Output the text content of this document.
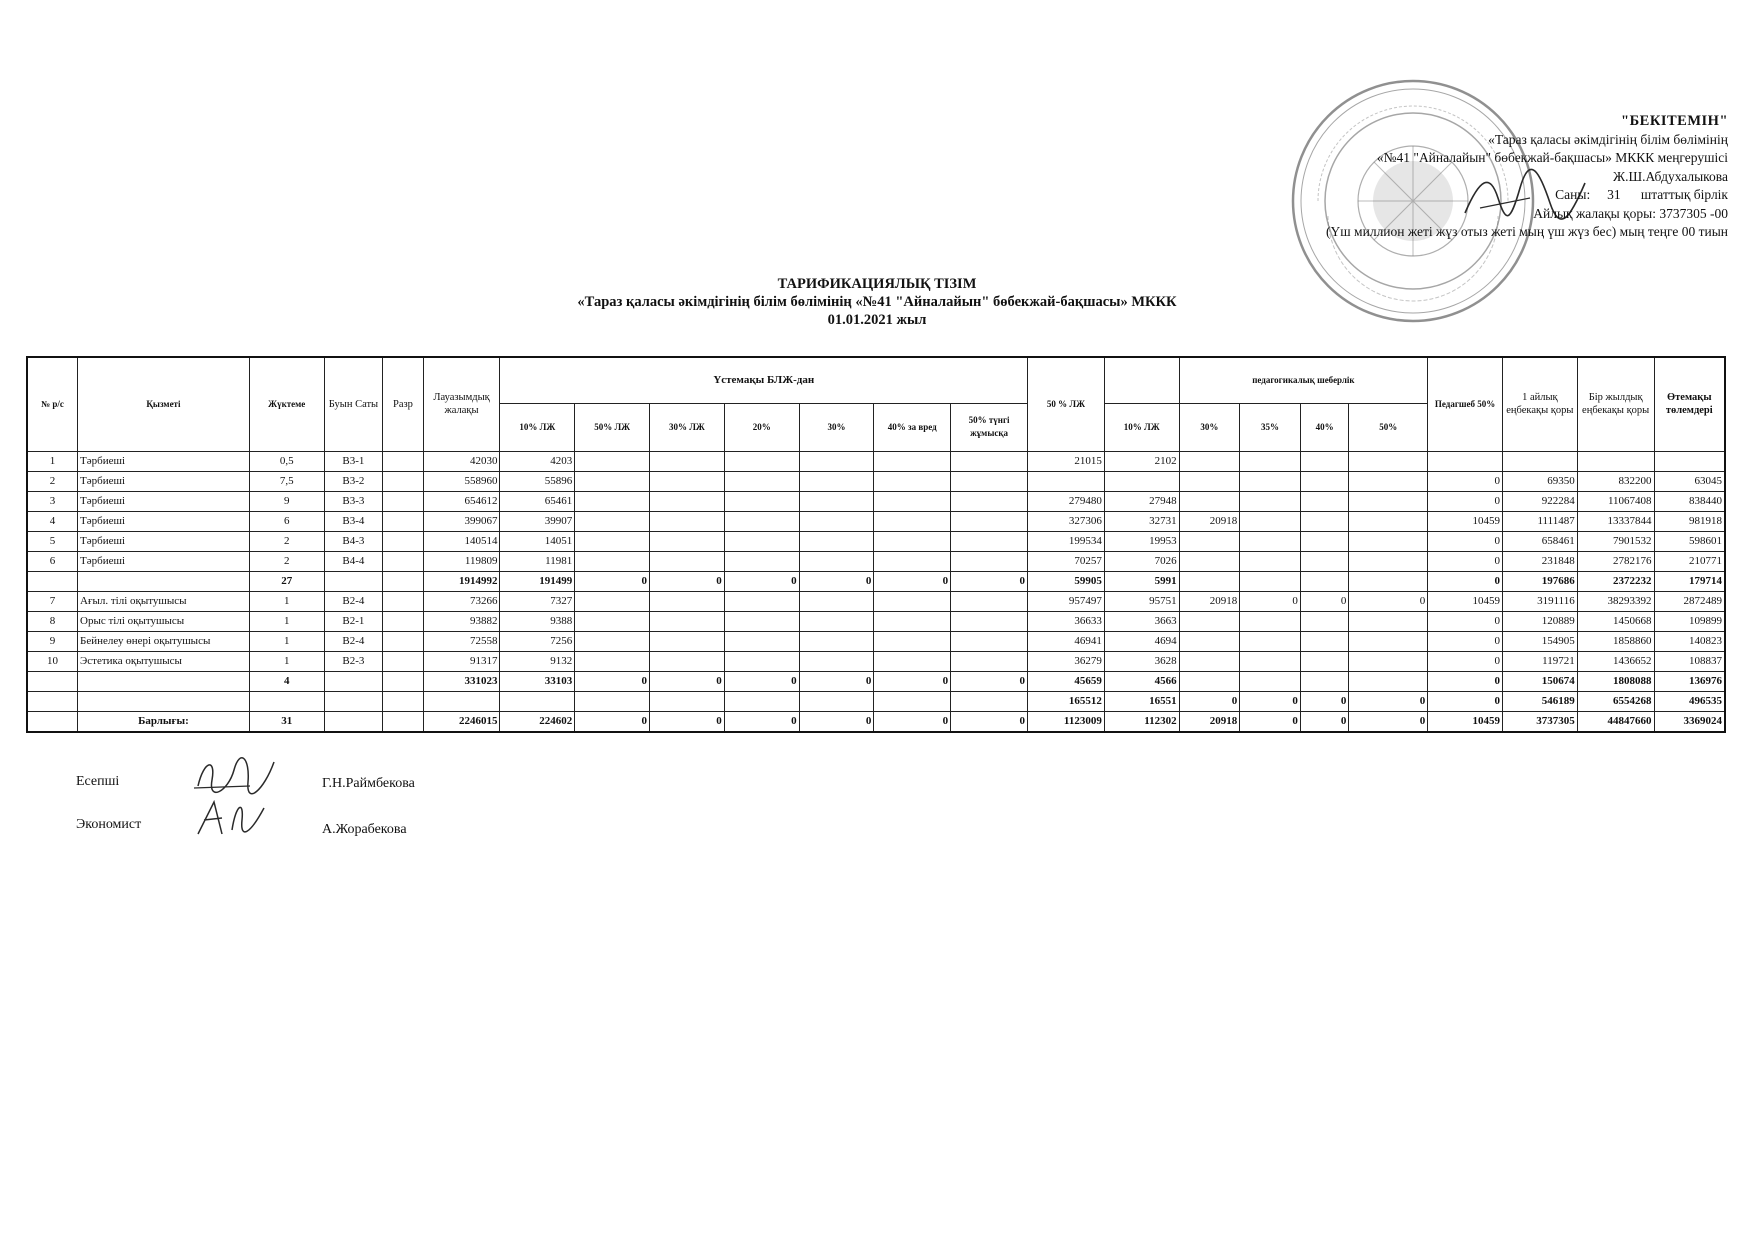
"БЕКІТЕМІН"
«Тараз қаласы әкімдігінің білім бөлімінің
«№41 "Айналайын" бөбекжай-бақшасы» МККК меңгерушісі
Ж.Ш.Абдухалыкова
Саны: 31 штаттық бірлік
Айлық жалақы қоры: 3737305 -00
(Үш миллион жеті жүз отыз жеті мың үш жүз бес) мың теңге 00 тиын
ТАРИФИКАЦИЯЛЫҚ ТІЗІМ
«Тараз қаласы әкімдігінің білім бөлімінің «№41 "Айналайын" бөбекжай-бақшасы» МККК
01.01.2021 жыл
№ р/с	Қызметі	Жүктеме	Буын Саты	Разр	Лауазымдық жалақы	Үстемақы БЛЖ-дан							50 % ЛЖ		педагогикалық шеберлік				Педагшеб 50%	1 айлық еңбекақы қоры	Бір жылдық еңбекақы қоры	Өтемақы төлемдері
						10% ЛЖ	50% ЛЖ	30% ЛЖ	20%	30%	40% за вред	50% түнгі жұмысқа		10% ЛЖ	30%	35%	40%	50%				
1	Тәрбиеші	0,5	В3-1		42030	4203							21015	2102								
2	Тәрбиеші	7,5	В3-2		558960	55896													0	69350	832200	63045
3	Тәрбиеші	9	В3-3		654612	65461							279480	27948					0	922284	11067408	838440
4	Тәрбиеші	6	В3-4		399067	39907							327306	32731	20918				10459	1111487	13337844	981918
5	Тәрбиеші	2	В4-3		140514	14051							199534	19953					0	658461	7901532	598601
6	Тәрбиеші	2	В4-4		119809	11981							70257	7026					0	231848	2782176	210771
		27			1914992	191499	0	0	0	0	0	0	59905	5991					0	197686	2372232	179714
7	Ағыл. тілі оқытушысы	1	В2-4		73266	7327							957497	95751	20918	0	0	0	10459	3191116	38293392	2872489
8	Орыс тілі оқытушысы	1	В2-1		93882	9388							36633	3663					0	120889	1450668	109899
9	Бейнелеу өнері оқытушысы	1	В2-4		72558	7256							46941	4694					0	154905	1858860	140823
10	Эстетика оқытушысы	1	В2-3		91317	9132							36279	3628					0	119721	1436652	108837
		4			331023	33103	0	0	0	0	0	0	45659	4566					0	150674	1808088	136976
													165512	16551	0	0	0	0	0	546189	6554268	496535
	Барлығы:	31			2246015	224602	0	0	0	0	0	0	1123009	112302	20918	0	0	0	10459	3737305	44847660	3369024
Есепші	Г.Н.Раймбекова
Экономист	А.Жорабекова
